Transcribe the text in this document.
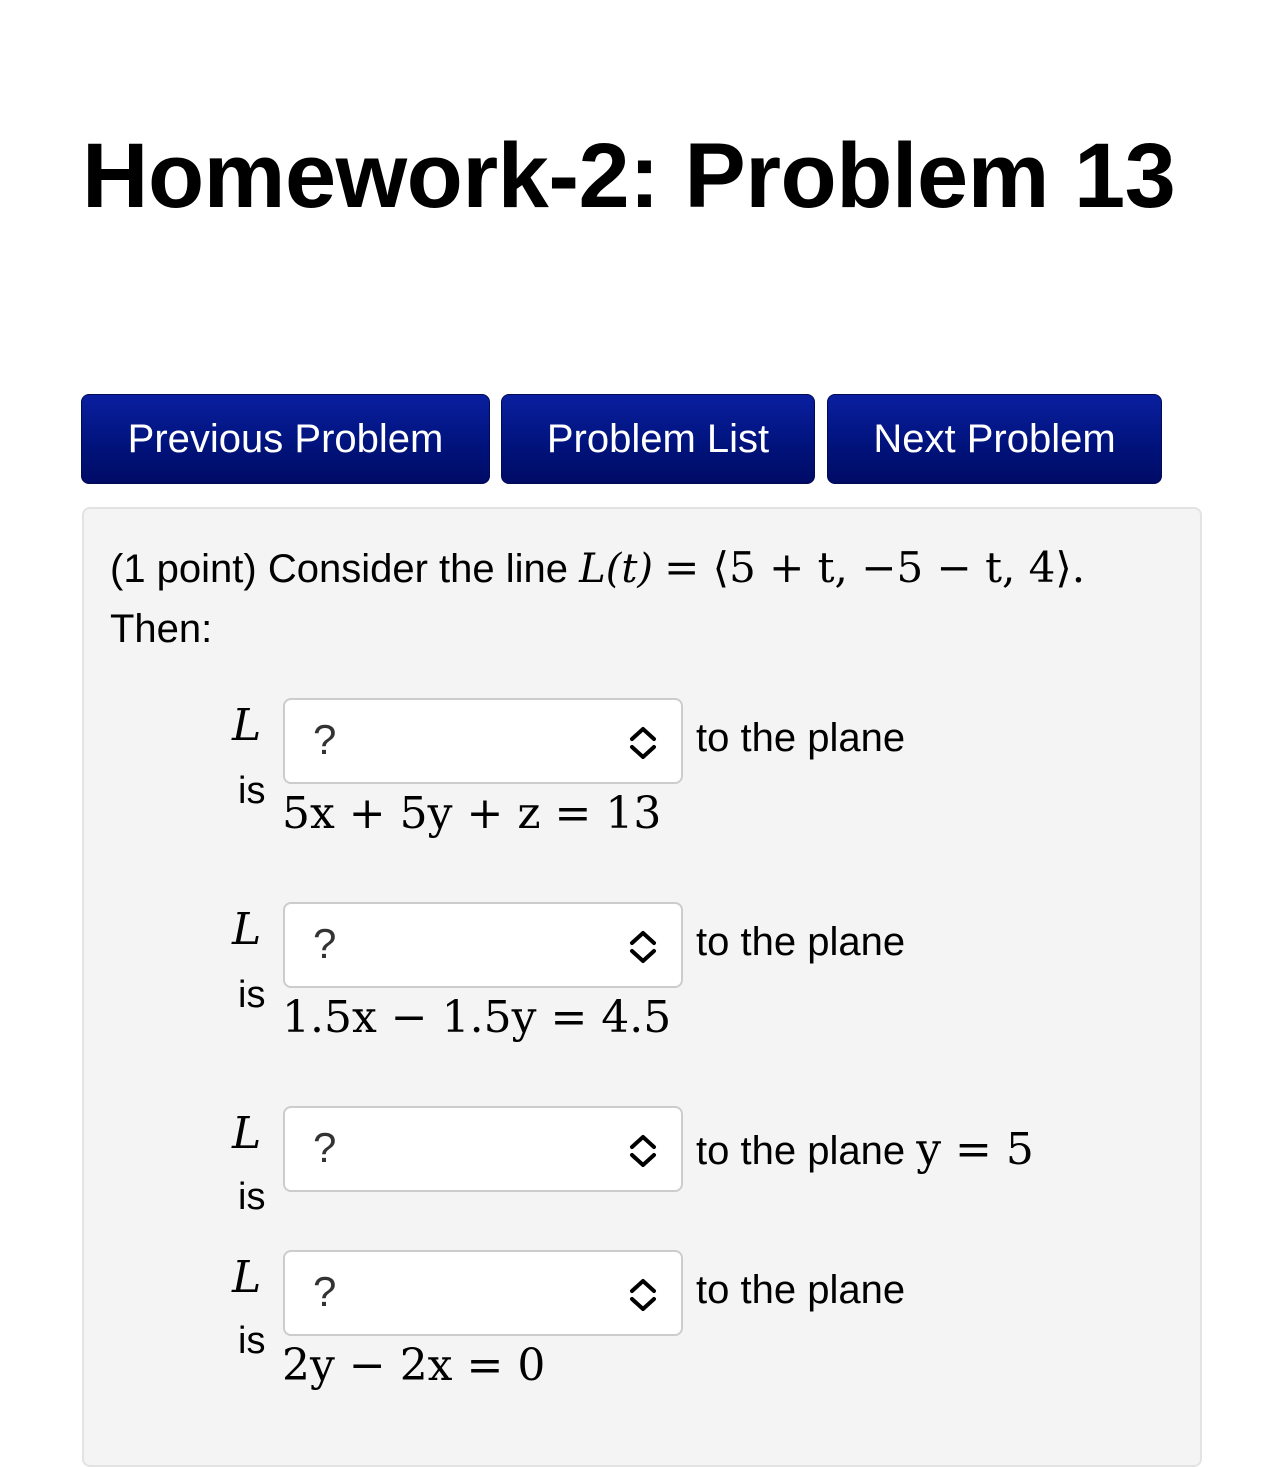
Homework-2: Problem 13
Previous Problem	Problem List	Next Problem
(1 point) Consider the line L(t) = ⟨5 + t, −5 − t, 4⟩.
Then:
L
is
?	to the plane
5x + 5y + z = 13
L
is
?	to the plane
1.5x − 1.5y = 4.5
L
is
?	to the plane y = 5
L
is
?	to the plane
2y − 2x = 0
